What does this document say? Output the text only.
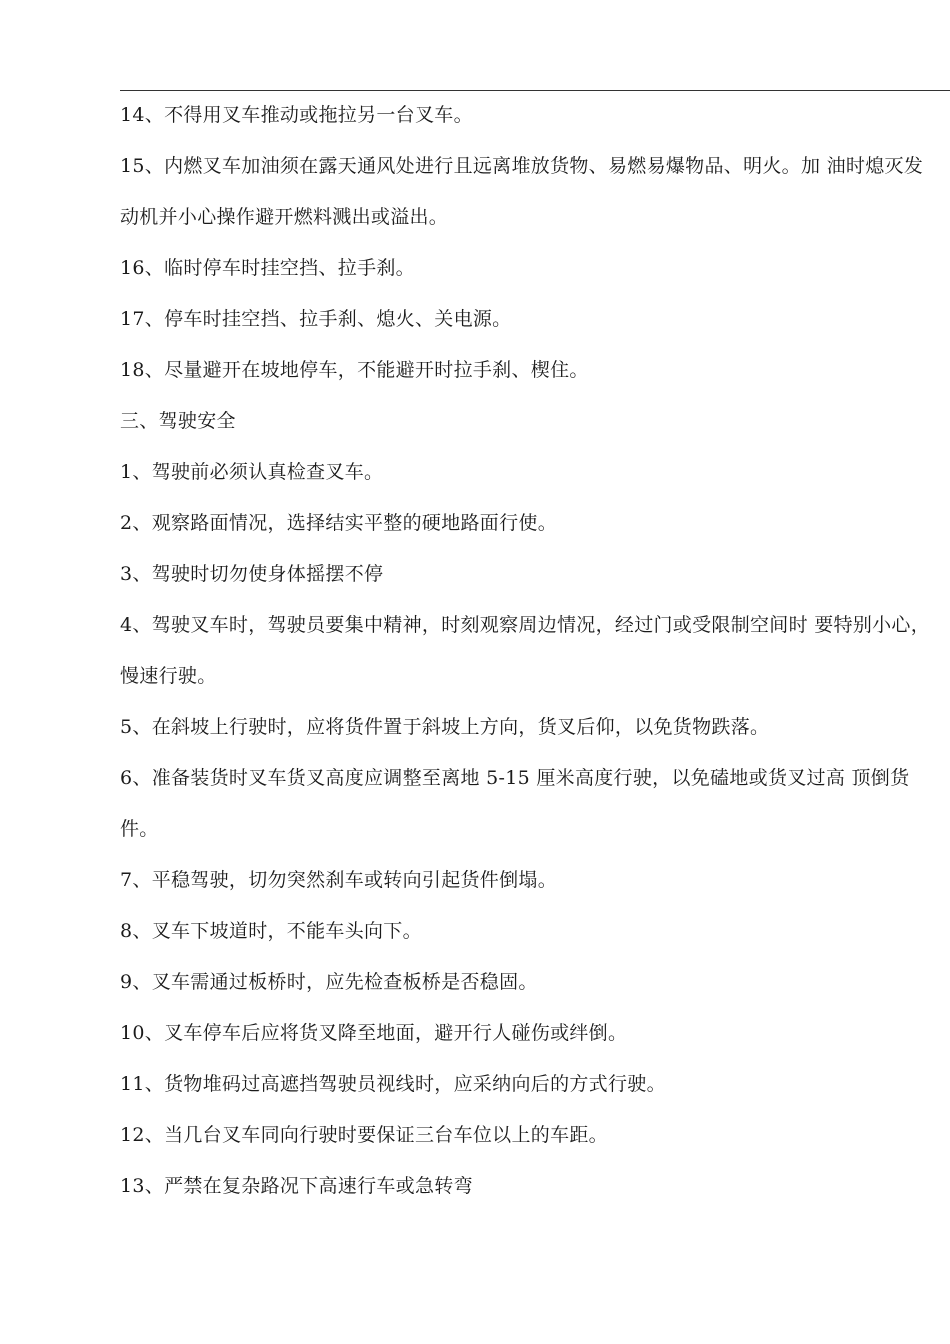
14、不得用叉车推动或拖拉另一台叉车。

15、内燃叉车加油须在露天通风处进行且远离堆放货物、易燃易爆物品、明火。加 油时熄灭发动机并小心操作避开燃料溅出或溢出。

16、临时停车时挂空挡、拉手刹。

17、停车时挂空挡、拉手刹、熄火、关电源。

18、尽量避开在坡地停车，不能避开时拉手刹、楔住。

三、驾驶安全

1、驾驶前必须认真检查叉车。

2、观察路面情况，选择结实平整的硬地路面行使。

3、驾驶时切勿使身体摇摆不停

4、驾驶叉车时，驾驶员要集中精神，时刻观察周边情况，经过门或受限制空间时 要特别小心，慢速行驶。

5、在斜坡上行驶时，应将货件置于斜坡上方向，货叉后仰，以免货物跌落。

6、准备装货时叉车货叉高度应调整至离地 5-15 厘米高度行驶，以免磕地或货叉过高 顶倒货件。

7、平稳驾驶，切勿突然刹车或转向引起货件倒塌。

8、叉车下坡道时，不能车头向下。

9、叉车需通过板桥时，应先检查板桥是否稳固。

10、叉车停车后应将货叉降至地面，避开行人碰伤或绊倒。

11、货物堆码过高遮挡驾驶员视线时，应采纳向后的方式行驶。

12、当几台叉车同向行驶时要保证三台车位以上的车距。

13、严禁在复杂路况下高速行车或急转弯
